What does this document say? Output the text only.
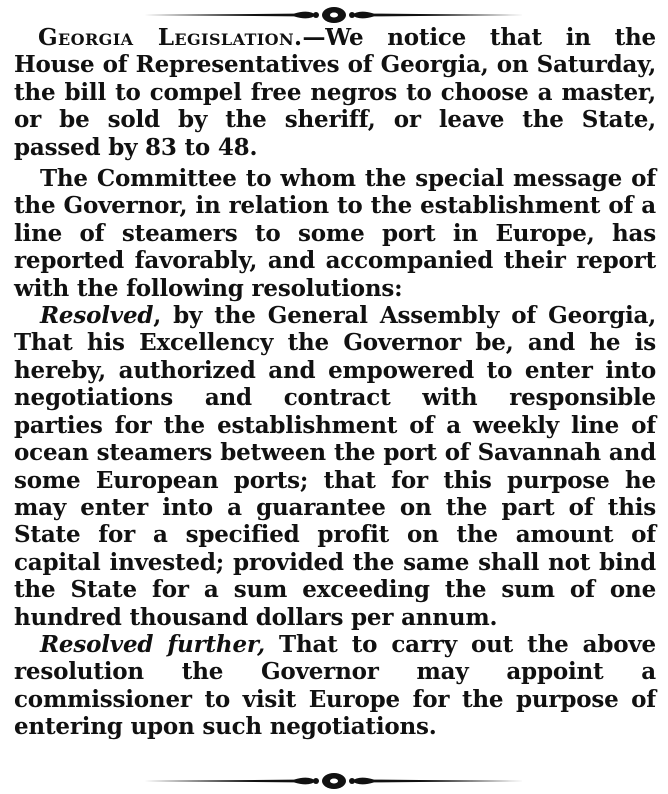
Georgia Legislation.—We notice that in the House of Representatives of Georgia, on Saturday, the bill to compel free negros to choose a master, or be sold by the sheriff, or leave the State, passed by 83 to 48.

The Committee to whom the special message of the Governor, in relation to the establishment of a line of steamers to some port in Europe, has reported favorably, and accompanied their report with the following resolutions:

Resolved, by the General Assembly of Georgia, That his Excellency the Governor be, and he is hereby, authorized and empowered to enter into negotiations and contract with responsible parties for the establishment of a weekly line of ocean steamers between the port of Savannah and some European ports; that for this purpose he may enter into a guarantee on the part of this State for a specified profit on the amount of capital invested; provided the same shall not bind the State for a sum exceeding the sum of one hundred thousand dollars per annum.

Resolved further, That to carry out the above resolution the Governor may appoint a commissioner to visit Europe for the purpose of entering upon such negotiations.
